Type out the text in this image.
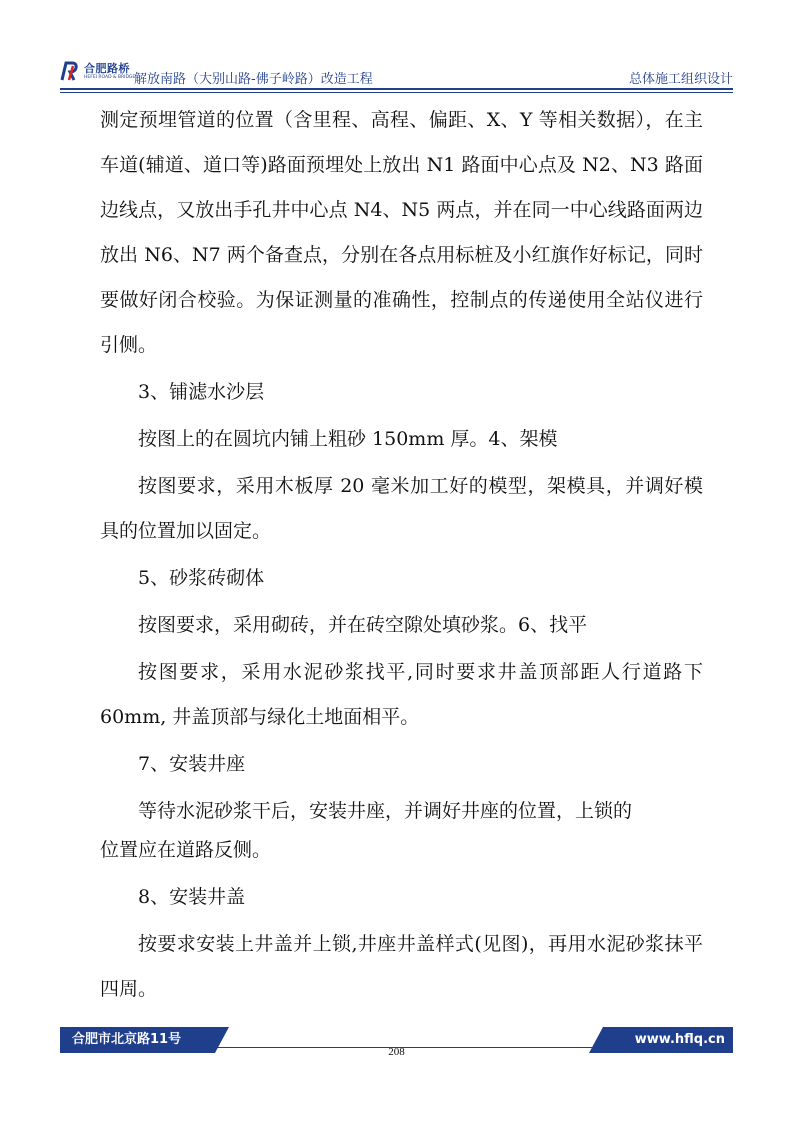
合肥路桥
HEFEI ROAD & BRIDGE
解放南路（大别山路-佛子岭路）改造工程	总体施工组织设计

测定预埋管道的位置（含里程、高程、偏距、X、Y 等相关数据），在主车道(辅道、道口等)路面预埋处上放出 N1 路面中心点及 N2、N3 路面边线点，又放出手孔井中心点 N4、N5 两点，并在同一中心线路面两边放出 N6、N7 两个备查点，分别在各点用标桩及小红旗作好标记，同时要做好闭合校验。为保证测量的准确性，控制点的传递使用全站仪进行引侧。

3、铺滤水沙层

按图上的在圆坑内铺上粗砂 150mm 厚。4、架模

按图要求，采用木板厚 20 毫米加工好的模型，架模具，并调好模具的位置加以固定。

5、砂浆砖砌体

按图要求，采用砌砖，并在砖空隙处填砂浆。6、找平

按图要求，采用水泥砂浆找平,同时要求井盖顶部距人行道路下 60mm, 井盖顶部与绿化土地面相平。

7、安装井座

等待水泥砂浆干后，安装井座，并调好井座的位置，上锁的

位置应在道路反侧。

8、安装井盖

按要求安装上井盖并上锁,井座井盖样式(见图)，再用水泥砂浆抹平四周。

合肥市北京路11号	www.hflq.cn
208
